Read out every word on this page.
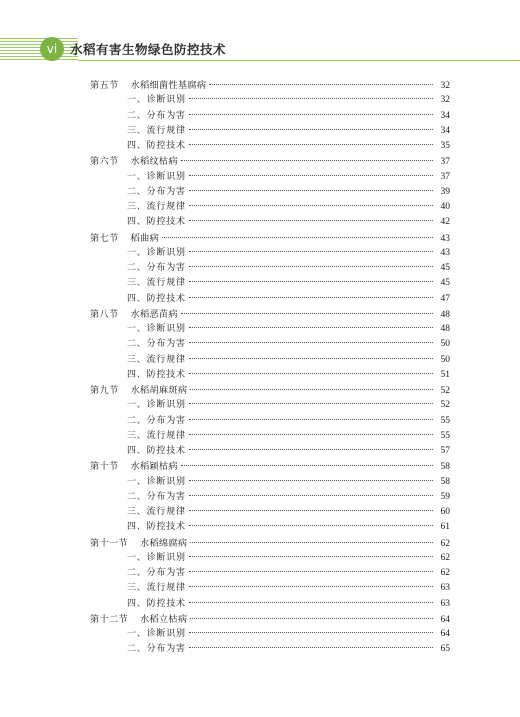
vi	水稻有害生物绿色防控技术
第五节 水稻细菌性基腐病	32
一、诊断识别	32
二、分布为害	34
三、流行规律	34
四、防控技术	35
第六节 水稻纹枯病	37
一、诊断识别	37
二、分布为害	39
三、流行规律	40
四、防控技术	42
第七节 稻曲病	43
一、诊断识别	43
二、分布为害	45
三、流行规律	45
四、防控技术	47
第八节 水稻恶苗病	48
一、诊断识别	48
二、分布为害	50
三、流行规律	50
四、防控技术	51
第九节 水稻胡麻斑病	52
一、诊断识别	52
二、分布为害	55
三、流行规律	55
四、防控技术	57
第十节 水稻颖枯病	58
一、诊断识别	58
二、分布为害	59
三、流行规律	60
四、防控技术	61
第十一节 水稻绵腐病	62
一、诊断识别	62
二、分布为害	62
三、流行规律	63
四、防控技术	63
第十二节 水稻立枯病	64
一、诊断识别	64
二、分布为害	65
